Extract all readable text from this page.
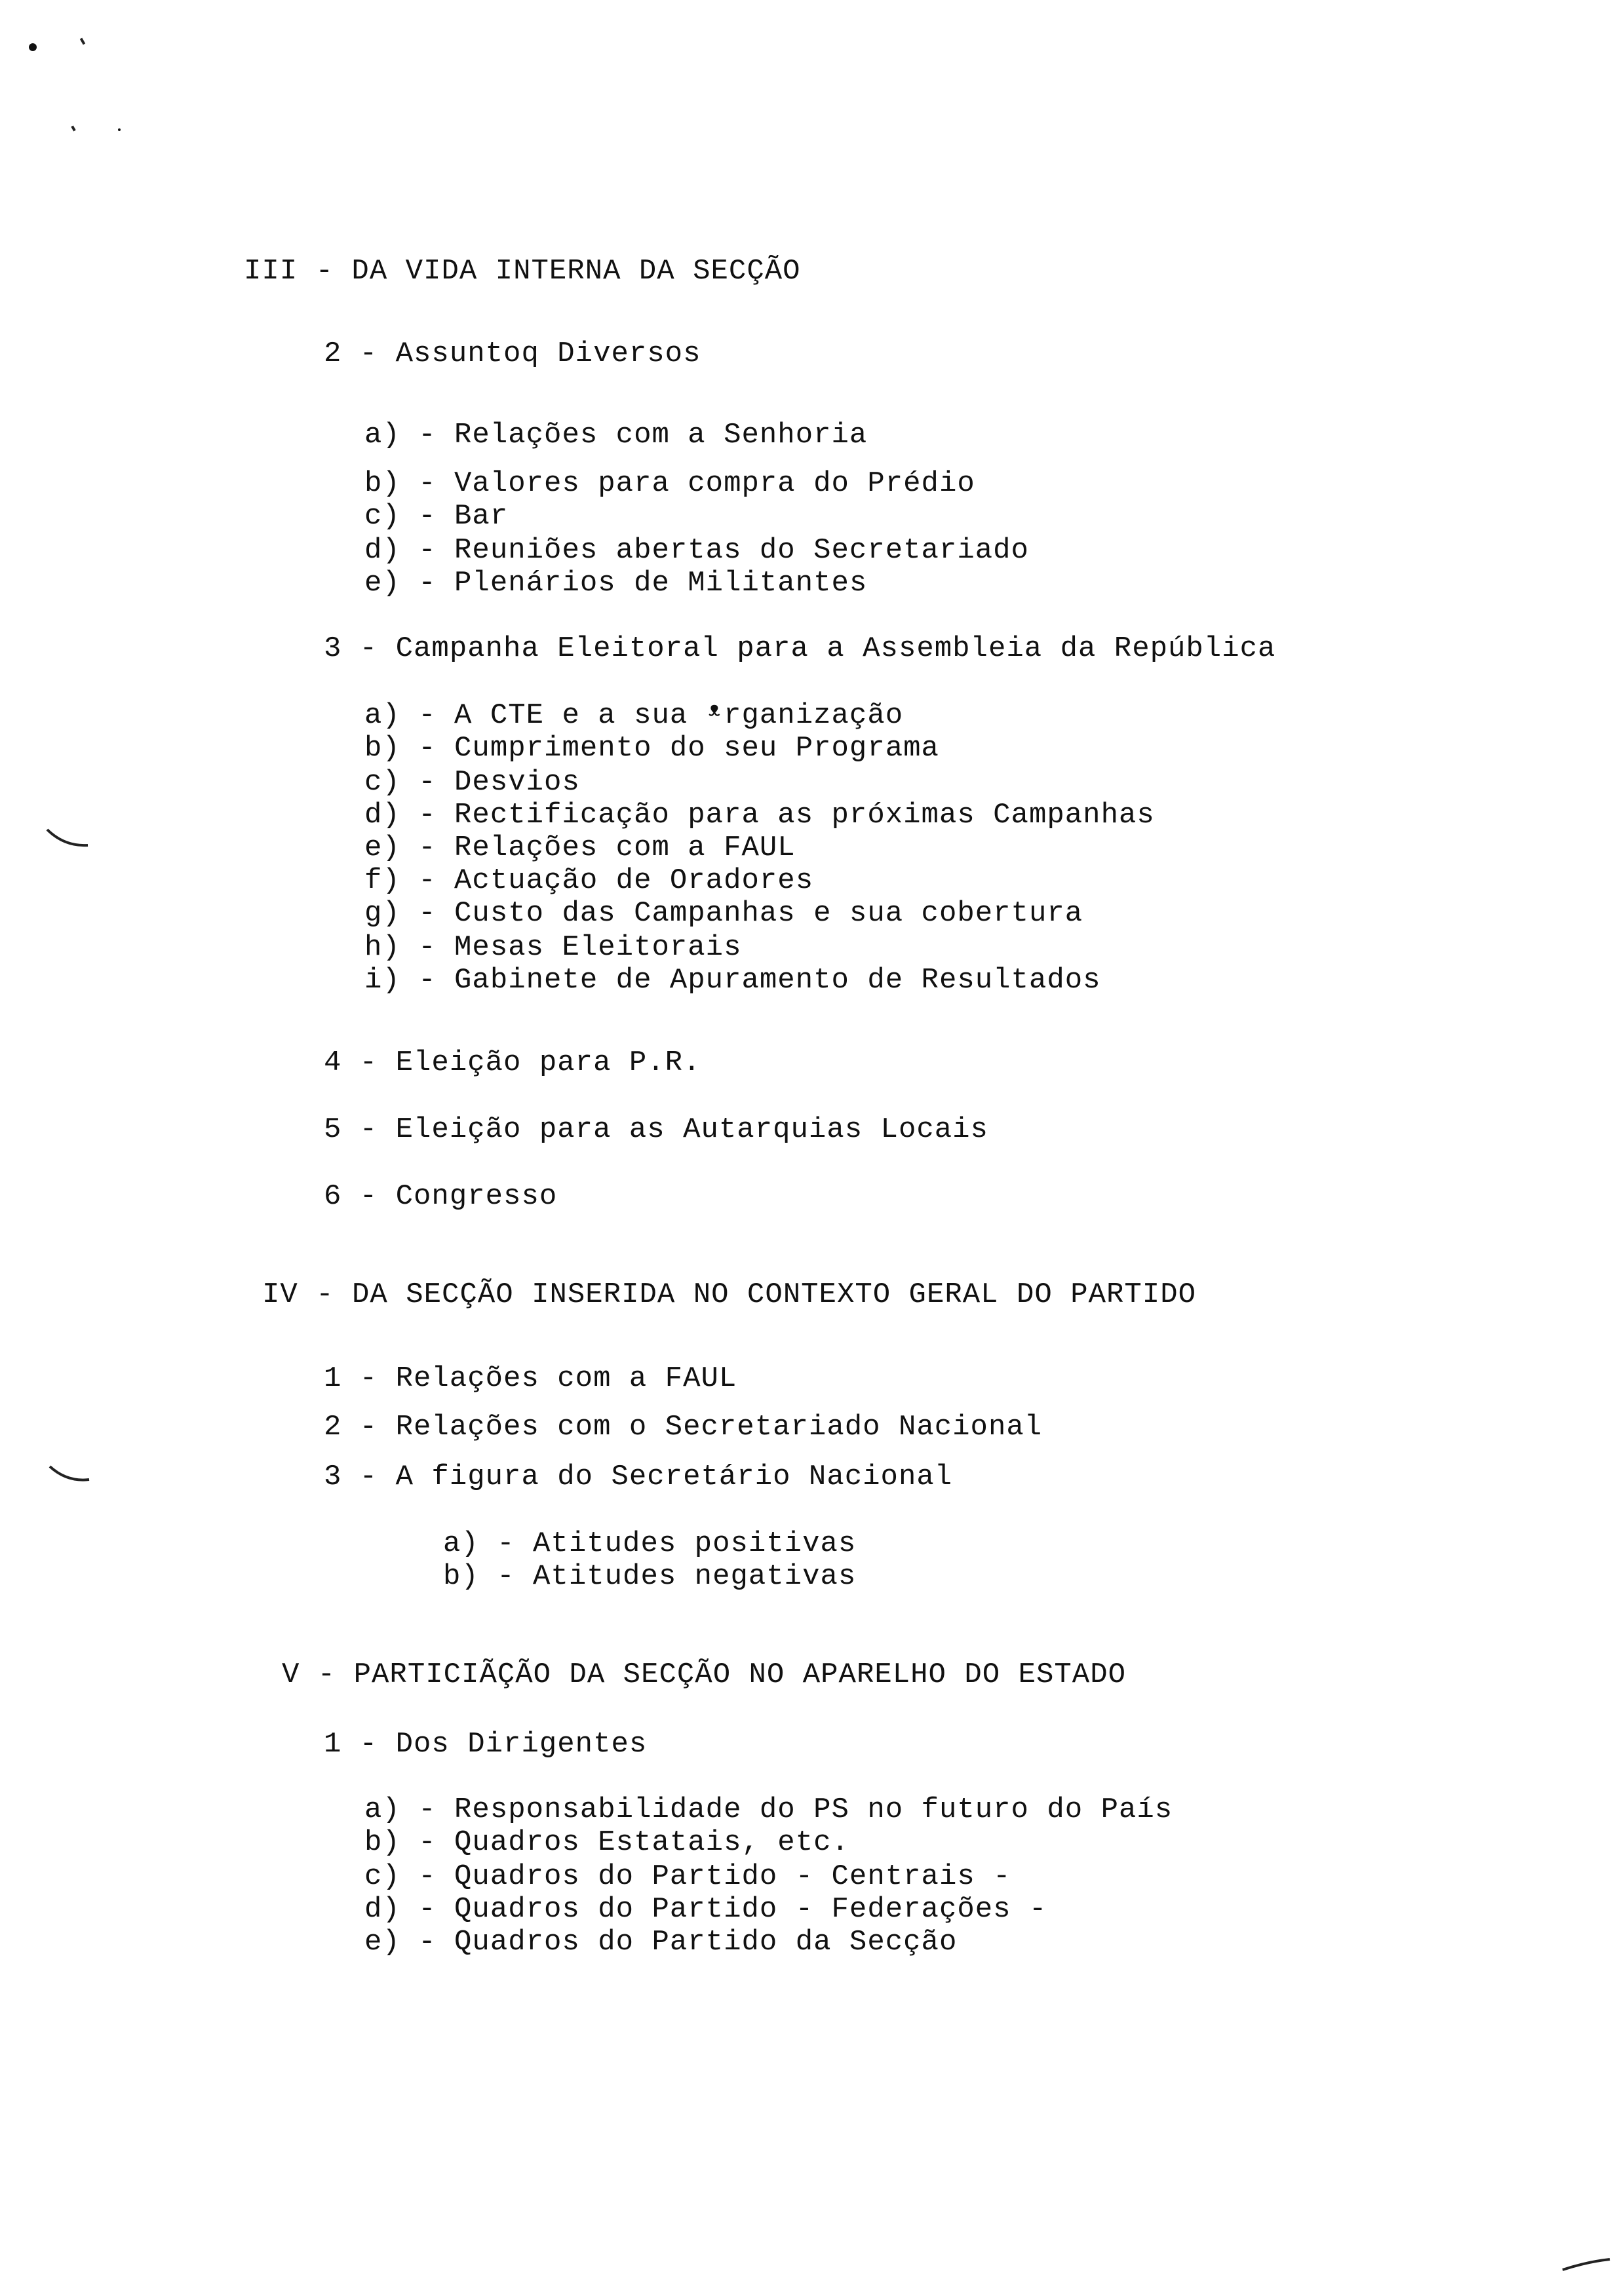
III - DA VIDA INTERNA DA SECÇÃO
2 - Assuntoq Diversos
a) - Relações com a Senhoria
b) - Valores para compra do Prédio
c) - Bar
d) - Reuniões abertas do Secretariado
e) - Plenários de Militantes
3 - Campanha Eleitoral para a Assembleia da República
a) - A CTE e a sua ᵜrganização
b) - Cumprimento do seu Programa
c) - Desvios
d) - Rectificação para as próximas Campanhas
e) - Relações com a FAUL
f) - Actuação de Oradores
g) - Custo das Campanhas e sua cobertura
h) - Mesas Eleitorais
i) - Gabinete de Apuramento de Resultados
4 - Eleição para P.R.
5 - Eleição para as Autarquias Locais
6 - Congresso
IV - DA SECÇÃO INSERIDA NO CONTEXTO GERAL DO PARTIDO
1 - Relações com a FAUL
2 - Relações com o Secretariado Nacional
3 - A figura do Secretário Nacional
a) - Atitudes positivas
b) - Atitudes negativas
V - PARTICIÃÇÃO DA SECÇÃO NO APARELHO DO ESTADO
1 - Dos Dirigentes
a) - Responsabilidade do PS no futuro do País
b) - Quadros Estatais, etc.
c) - Quadros do Partido - Centrais -
d) - Quadros do Partido - Federações -
e) - Quadros do Partido da Secção
